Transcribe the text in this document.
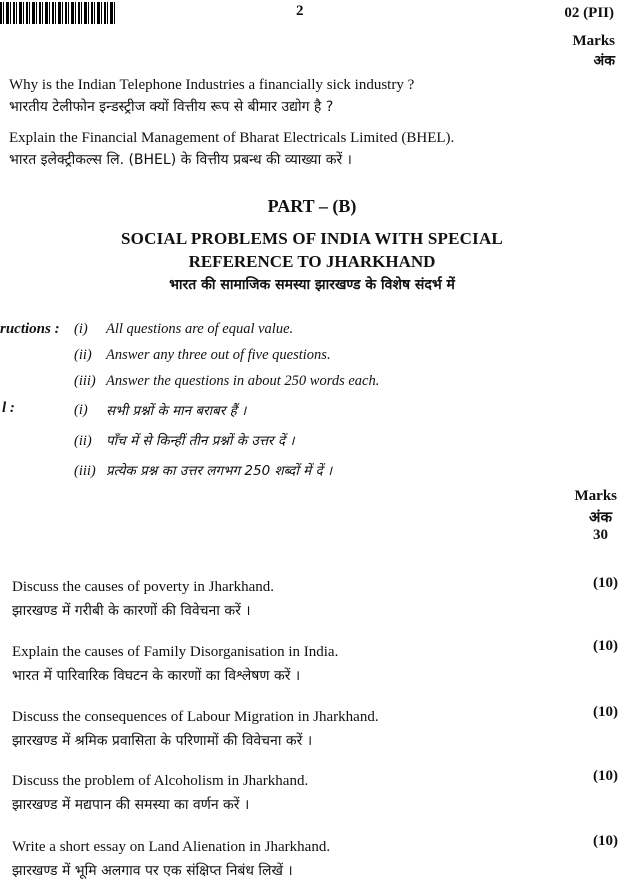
2	02 (PII)
Marks
अंक
Why is the Indian Telephone Industries a financially sick industry ?
भारतीय टेलीफोन इन्डस्ट्रीज क्यों वित्तीय रूप से बीमार उद्योग है ?
Explain the Financial Management of Bharat Electricals Limited (BHEL).
भारत इलेक्ट्रीकल्स लि. (BHEL) के वित्तीय प्रबन्ध की व्याख्या करें ।
PART – (B)
SOCIAL PROBLEMS OF INDIA WITH SPECIAL
REFERENCE TO JHARKHAND
भारत की सामाजिक समस्या झारखण्ड के विशेष संदर्भ में
ructions : (i) All questions are of equal value.
(ii) Answer any three out of five questions.
(iii) Answer the questions in about 250 words each.
l :	(i) सभी प्रश्नों के मान बराबर हैं ।
(ii) पाँच में से किन्हीं तीन प्रश्नों के उत्तर दें ।
(iii) प्रत्येक प्रश्न का उत्तर लगभग 250 शब्दों में दें ।
Marks
अंक
30
Discuss the causes of poverty in Jharkhand.	(10)
झारखण्ड में गरीबी के कारणों की विवेचना करें ।
Explain the causes of Family Disorganisation in India.	(10)
भारत में पारिवारिक विघटन के कारणों का विश्लेषण करें ।
Discuss the consequences of Labour Migration in Jharkhand.	(10)
झारखण्ड में श्रमिक प्रवासिता के परिणामों की विवेचना करें ।
Discuss the problem of Alcoholism in Jharkhand.	(10)
झारखण्ड में मद्यपान की समस्या का वर्णन करें ।
Write a short essay on Land Alienation in Jharkhand.	(10)
झारखण्ड में भूमि अलगाव पर एक संक्षिप्त निबंध लिखें ।
